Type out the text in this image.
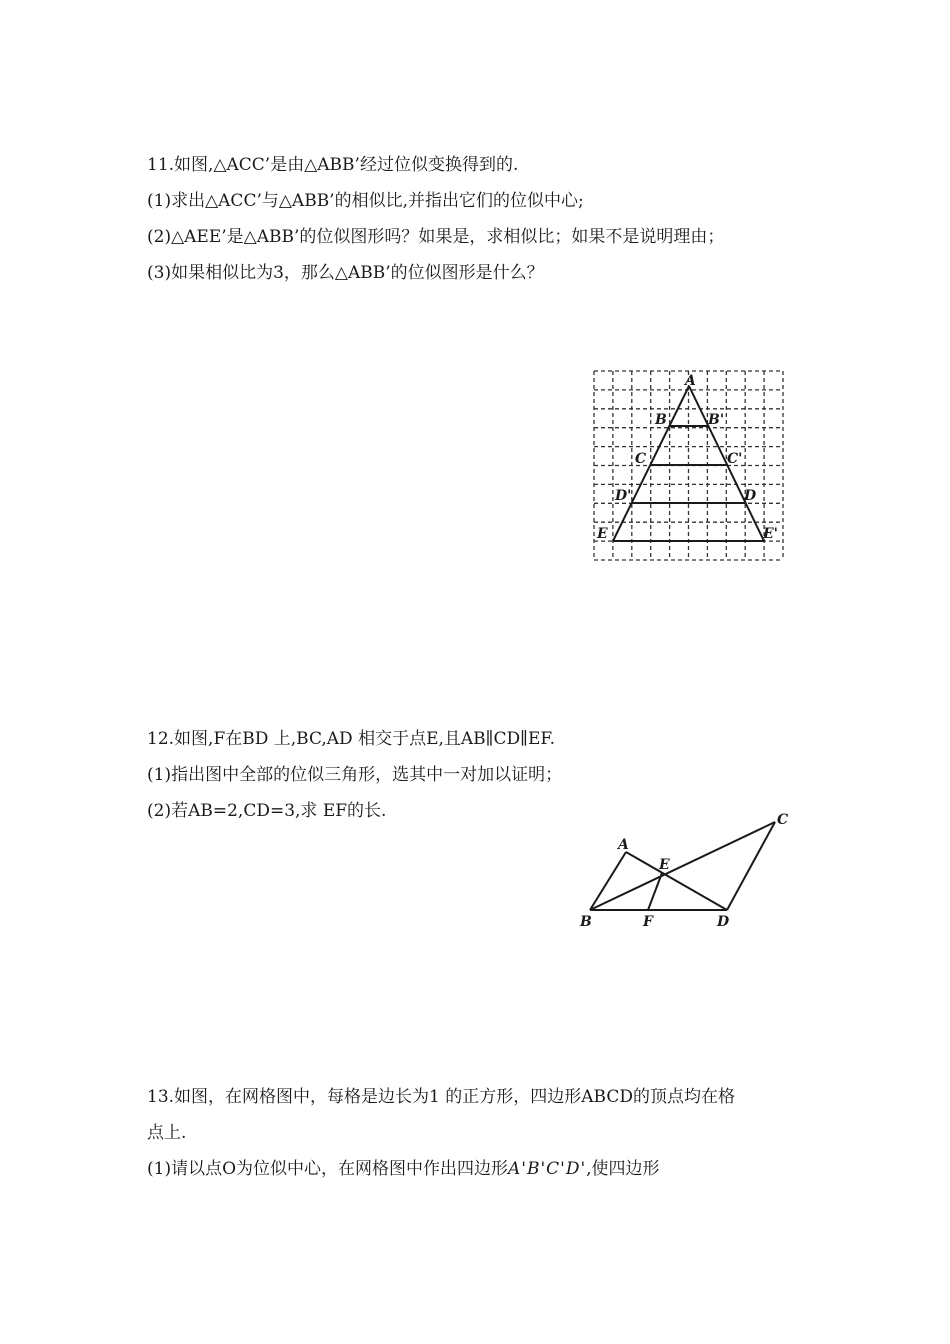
11.如图,△ACC’是由△ABB’经过位似变换得到的.
(1)求出△ACC’与△ABB’的相似比,并指出它们的位似中心;
(2)△AEE’是△ABB’的位似图形吗？如果是，求相似比；如果不是说明理由；
(3)如果相似比为3，那么△ABB’的位似图形是什么？
A
B	B'
C	C'
D'	D
E	E'
12.如图,F在BD 上,BC,AD 相交于点E,且AB∥CD∥EF.
(1)指出图中全部的位似三角形，选其中一对加以证明；
(2)若AB=2,CD=3,求 EF的长.
A
E
C
B	F	D
13.如图，在网格图中，每格是边长为1 的正方形，四边形ABCD的顶点均在格
点上.
(1)请以点O为位似中心，在网格图中作出四边形A'B'C'D',使四边形
